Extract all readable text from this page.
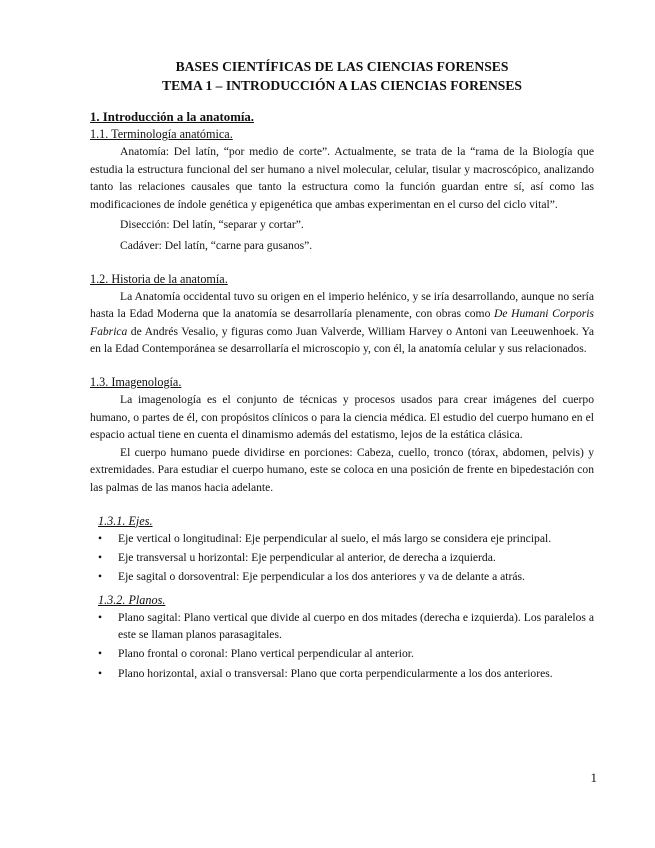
BASES CIENTÍFICAS DE LAS CIENCIAS FORENSES
TEMA 1 – INTRODUCCIÓN A LAS CIENCIAS FORENSES
1. Introducción a la anatomía.
1.1. Terminología anatómica.

Anatomía: Del latín, “por medio de corte”. Actualmente, se trata de la “rama de la Biología que estudia la estructura funcional del ser humano a nivel molecular, celular, tisular y macroscópico, analizando tanto las relaciones causales que tanto la estructura como la función guardan entre sí, así como las modificaciones de índole genética y epigenética que ambas experimentan en el curso del ciclo vital”.

Disección: Del latín, “separar y cortar”.

Cadáver: Del latín, “carne para gusanos”.

1.2. Historia de la anatomía.

La Anatomía occidental tuvo su origen en el imperio helénico, y se iría desarrollando, aunque no sería hasta la Edad Moderna que la anatomía se desarrollaría plenamente, con obras como De Humani Corporis Fabrica de Andrés Vesalio, y figuras como Juan Valverde, William Harvey o Antoni van Leeuwenhoek. Ya en la Edad Contemporánea se desarrollaría el microscopio y, con él, la anatomía celular y sus relacionados.

1.3. Imagenología.

La imagenología es el conjunto de técnicas y procesos usados para crear imágenes del cuerpo humano, o partes de él, con propósitos clínicos o para la ciencia médica. El estudio del cuerpo humano en el espacio actual tiene en cuenta el dinamismo además del estatismo, lejos de la estática clásica.

El cuerpo humano puede dividirse en porciones: Cabeza, cuello, tronco (tórax, abdomen, pelvis) y extremidades. Para estudiar el cuerpo humano, este se coloca en una posición de frente en bipedestación con las palmas de las manos hacia adelante.

1.3.1. Ejes.
• Eje vertical o longitudinal: Eje perpendicular al suelo, el más largo se considera eje principal.
• Eje transversal u horizontal: Eje perpendicular al anterior, de derecha a izquierda.
• Eje sagital o dorsoventral: Eje perpendicular a los dos anteriores y va de delante a atrás.
1.3.2. Planos.
• Plano sagital: Plano vertical que divide al cuerpo en dos mitades (derecha e izquierda). Los paralelos a este se llaman planos parasagitales.
• Plano frontal o coronal: Plano vertical perpendicular al anterior.
• Plano horizontal, axial o transversal: Plano que corta perpendicularmente a los dos anteriores.
1
